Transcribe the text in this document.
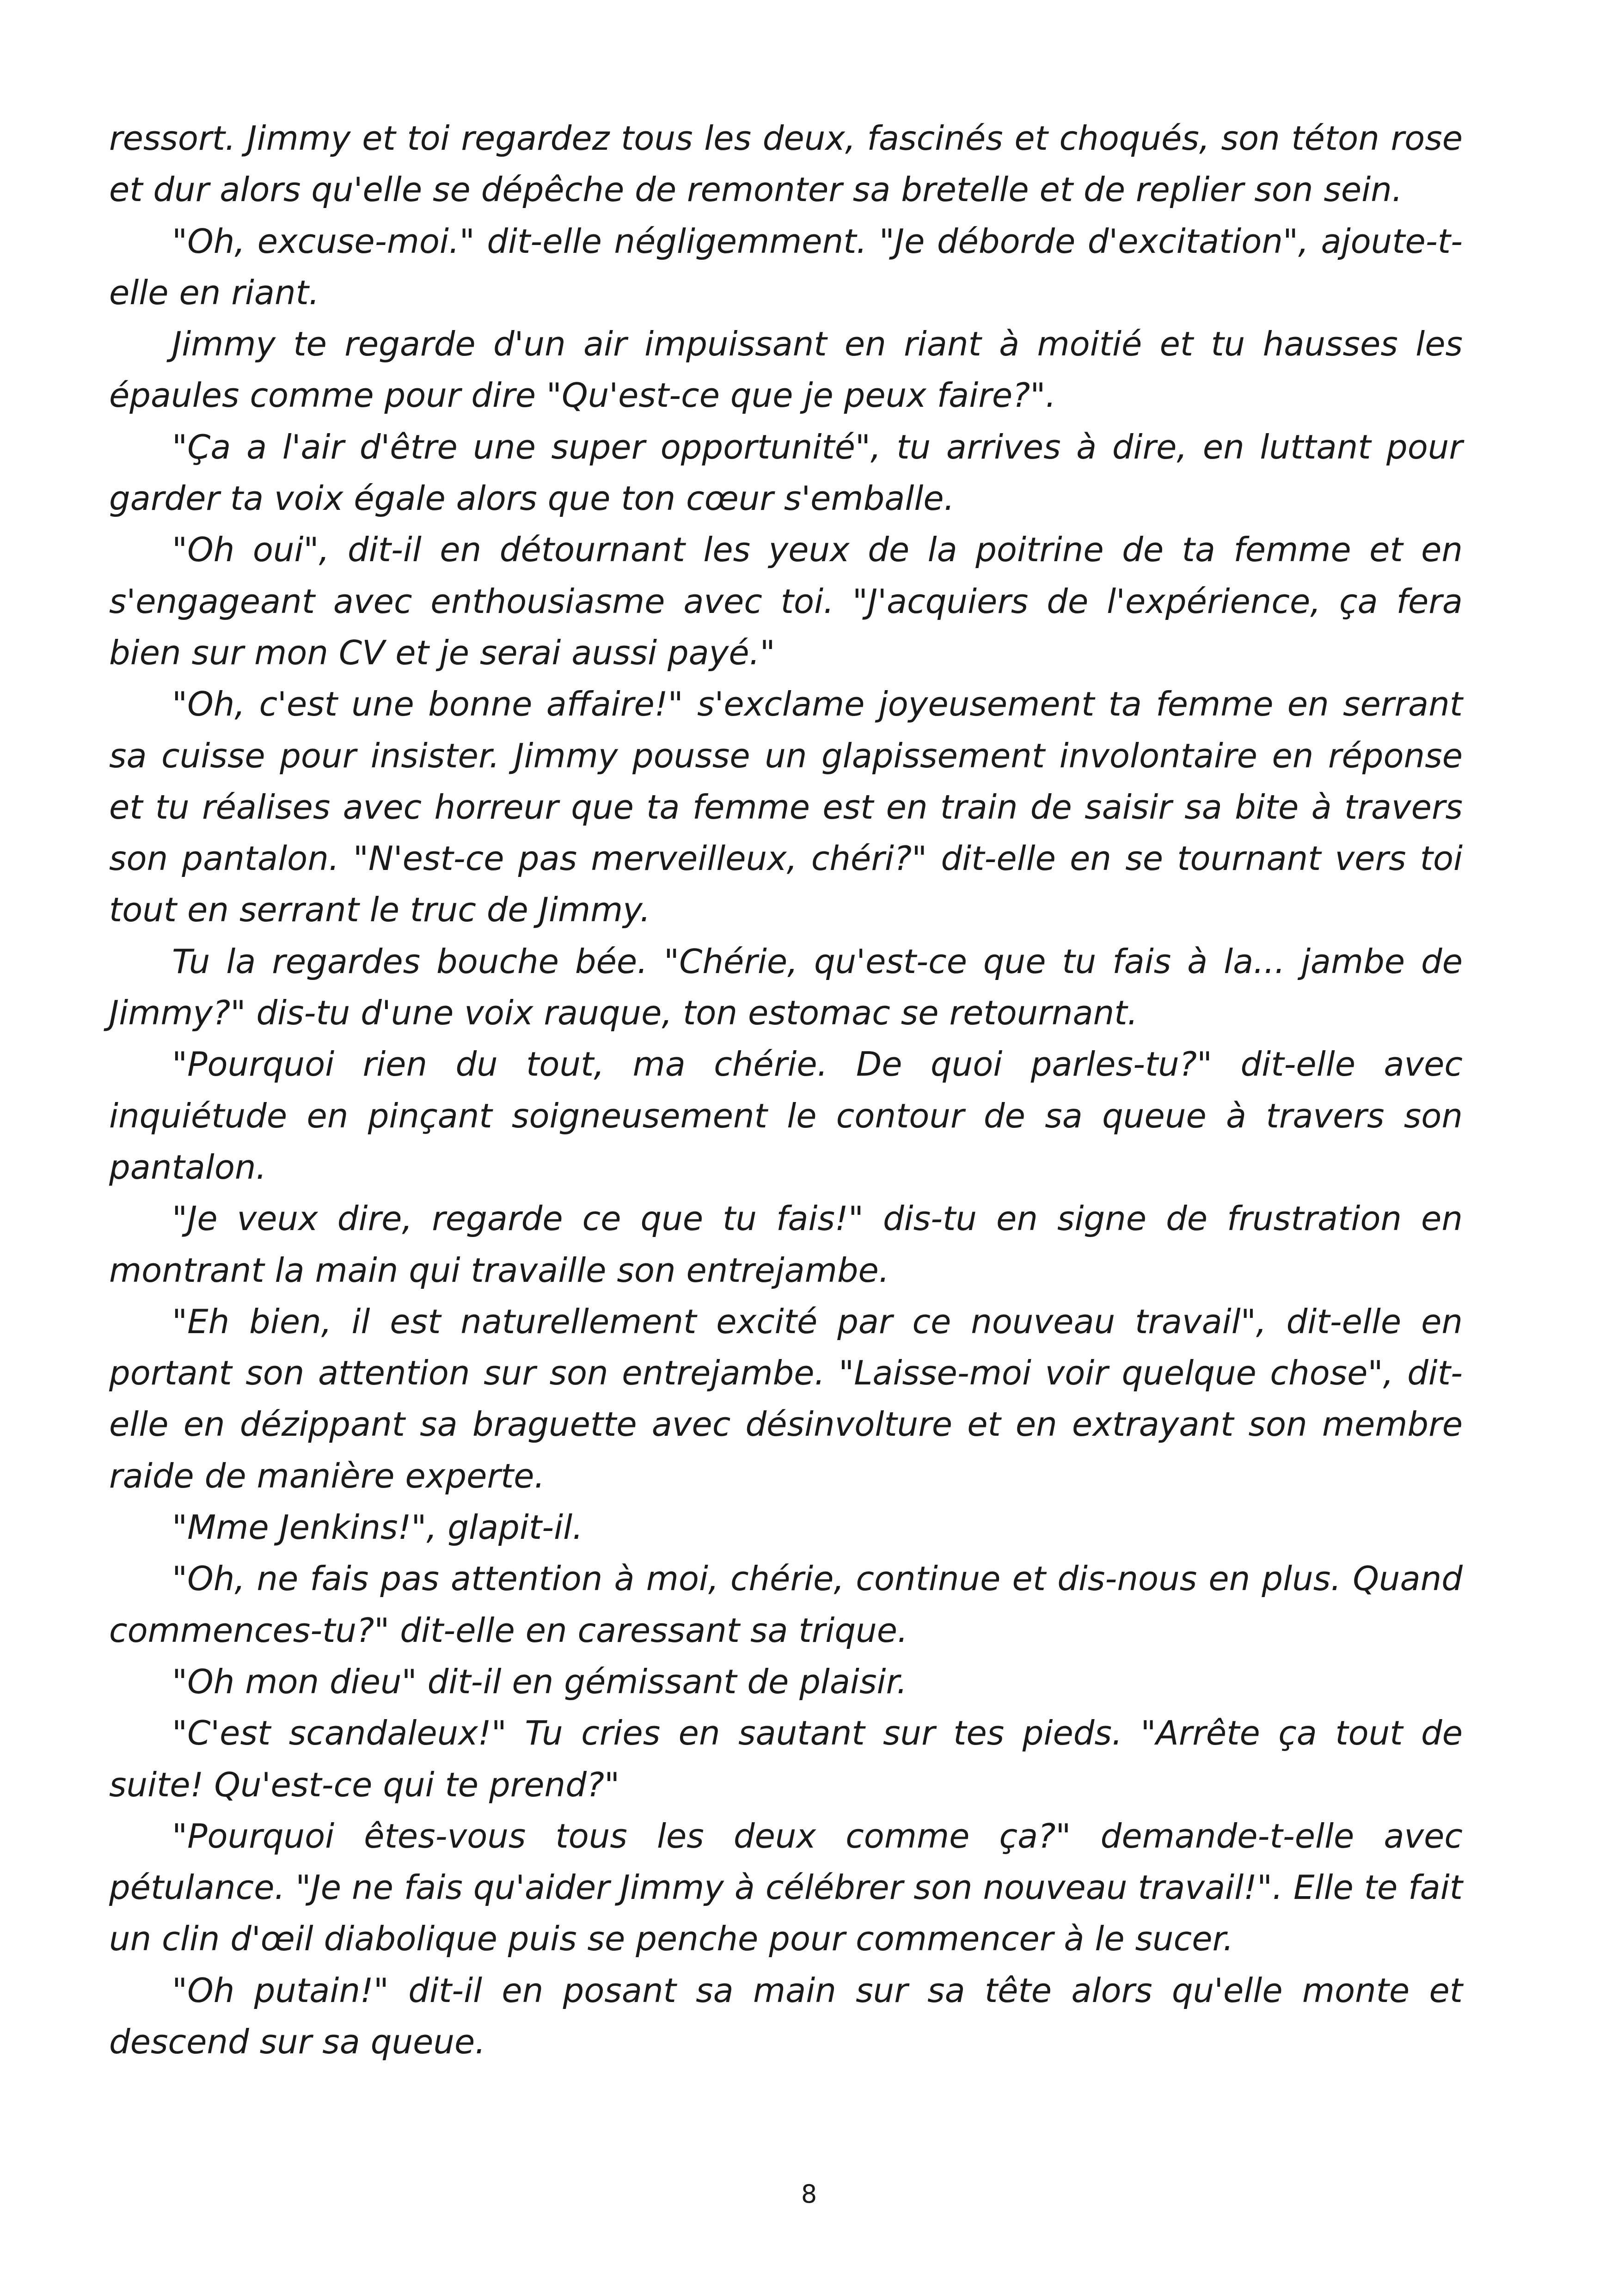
ressort. Jimmy et toi regardez tous les deux, fascinés et choqués, son téton rose et dur alors qu'elle se dépêche de remonter sa bretelle et de replier son sein.

"Oh, excuse-moi." dit-elle négligemment. "Je déborde d'excitation", ajoute-t-elle en riant.

Jimmy te regarde d'un air impuissant en riant à moitié et tu hausses les épaules comme pour dire "Qu'est-ce que je peux faire?".

"Ça a l'air d'être une super opportunité", tu arrives à dire, en luttant pour garder ta voix égale alors que ton cœur s'emballe.

"Oh oui", dit-il en détournant les yeux de la poitrine de ta femme et en s'engageant avec enthousiasme avec toi. "J'acquiers de l'expérience, ça fera bien sur mon CV et je serai aussi payé."

"Oh, c'est une bonne affaire!" s'exclame joyeusement ta femme en serrant sa cuisse pour insister. Jimmy pousse un glapissement involontaire en réponse et tu réalises avec horreur que ta femme est en train de saisir sa bite à travers son pantalon. "N'est-ce pas merveilleux, chéri?" dit-elle en se tournant vers toi tout en serrant le truc de Jimmy.

Tu la regardes bouche bée. "Chérie, qu'est-ce que tu fais à la... jambe de Jimmy?" dis-tu d'une voix rauque, ton estomac se retournant.

"Pourquoi rien du tout, ma chérie. De quoi parles-tu?" dit-elle avec inquiétude en pinçant soigneusement le contour de sa queue à travers son pantalon.

"Je veux dire, regarde ce que tu fais!" dis-tu en signe de frustration en montrant la main qui travaille son entrejambe.

"Eh bien, il est naturellement excité par ce nouveau travail", dit-elle en portant son attention sur son entrejambe. "Laisse-moi voir quelque chose", dit-elle en dézippant sa braguette avec désinvolture et en extrayant son membre raide de manière experte.

"Mme Jenkins!", glapit-il.

"Oh, ne fais pas attention à moi, chérie, continue et dis-nous en plus. Quand commences-tu?" dit-elle en caressant sa trique.

"Oh mon dieu" dit-il en gémissant de plaisir.

"C'est scandaleux!" Tu cries en sautant sur tes pieds. "Arrête ça tout de suite! Qu'est-ce qui te prend?"

"Pourquoi êtes-vous tous les deux comme ça?" demande-t-elle avec pétulance. "Je ne fais qu'aider Jimmy à célébrer son nouveau travail!". Elle te fait un clin d'œil diabolique puis se penche pour commencer à le sucer.

"Oh putain!" dit-il en posant sa main sur sa tête alors qu'elle monte et descend sur sa queue.

8
